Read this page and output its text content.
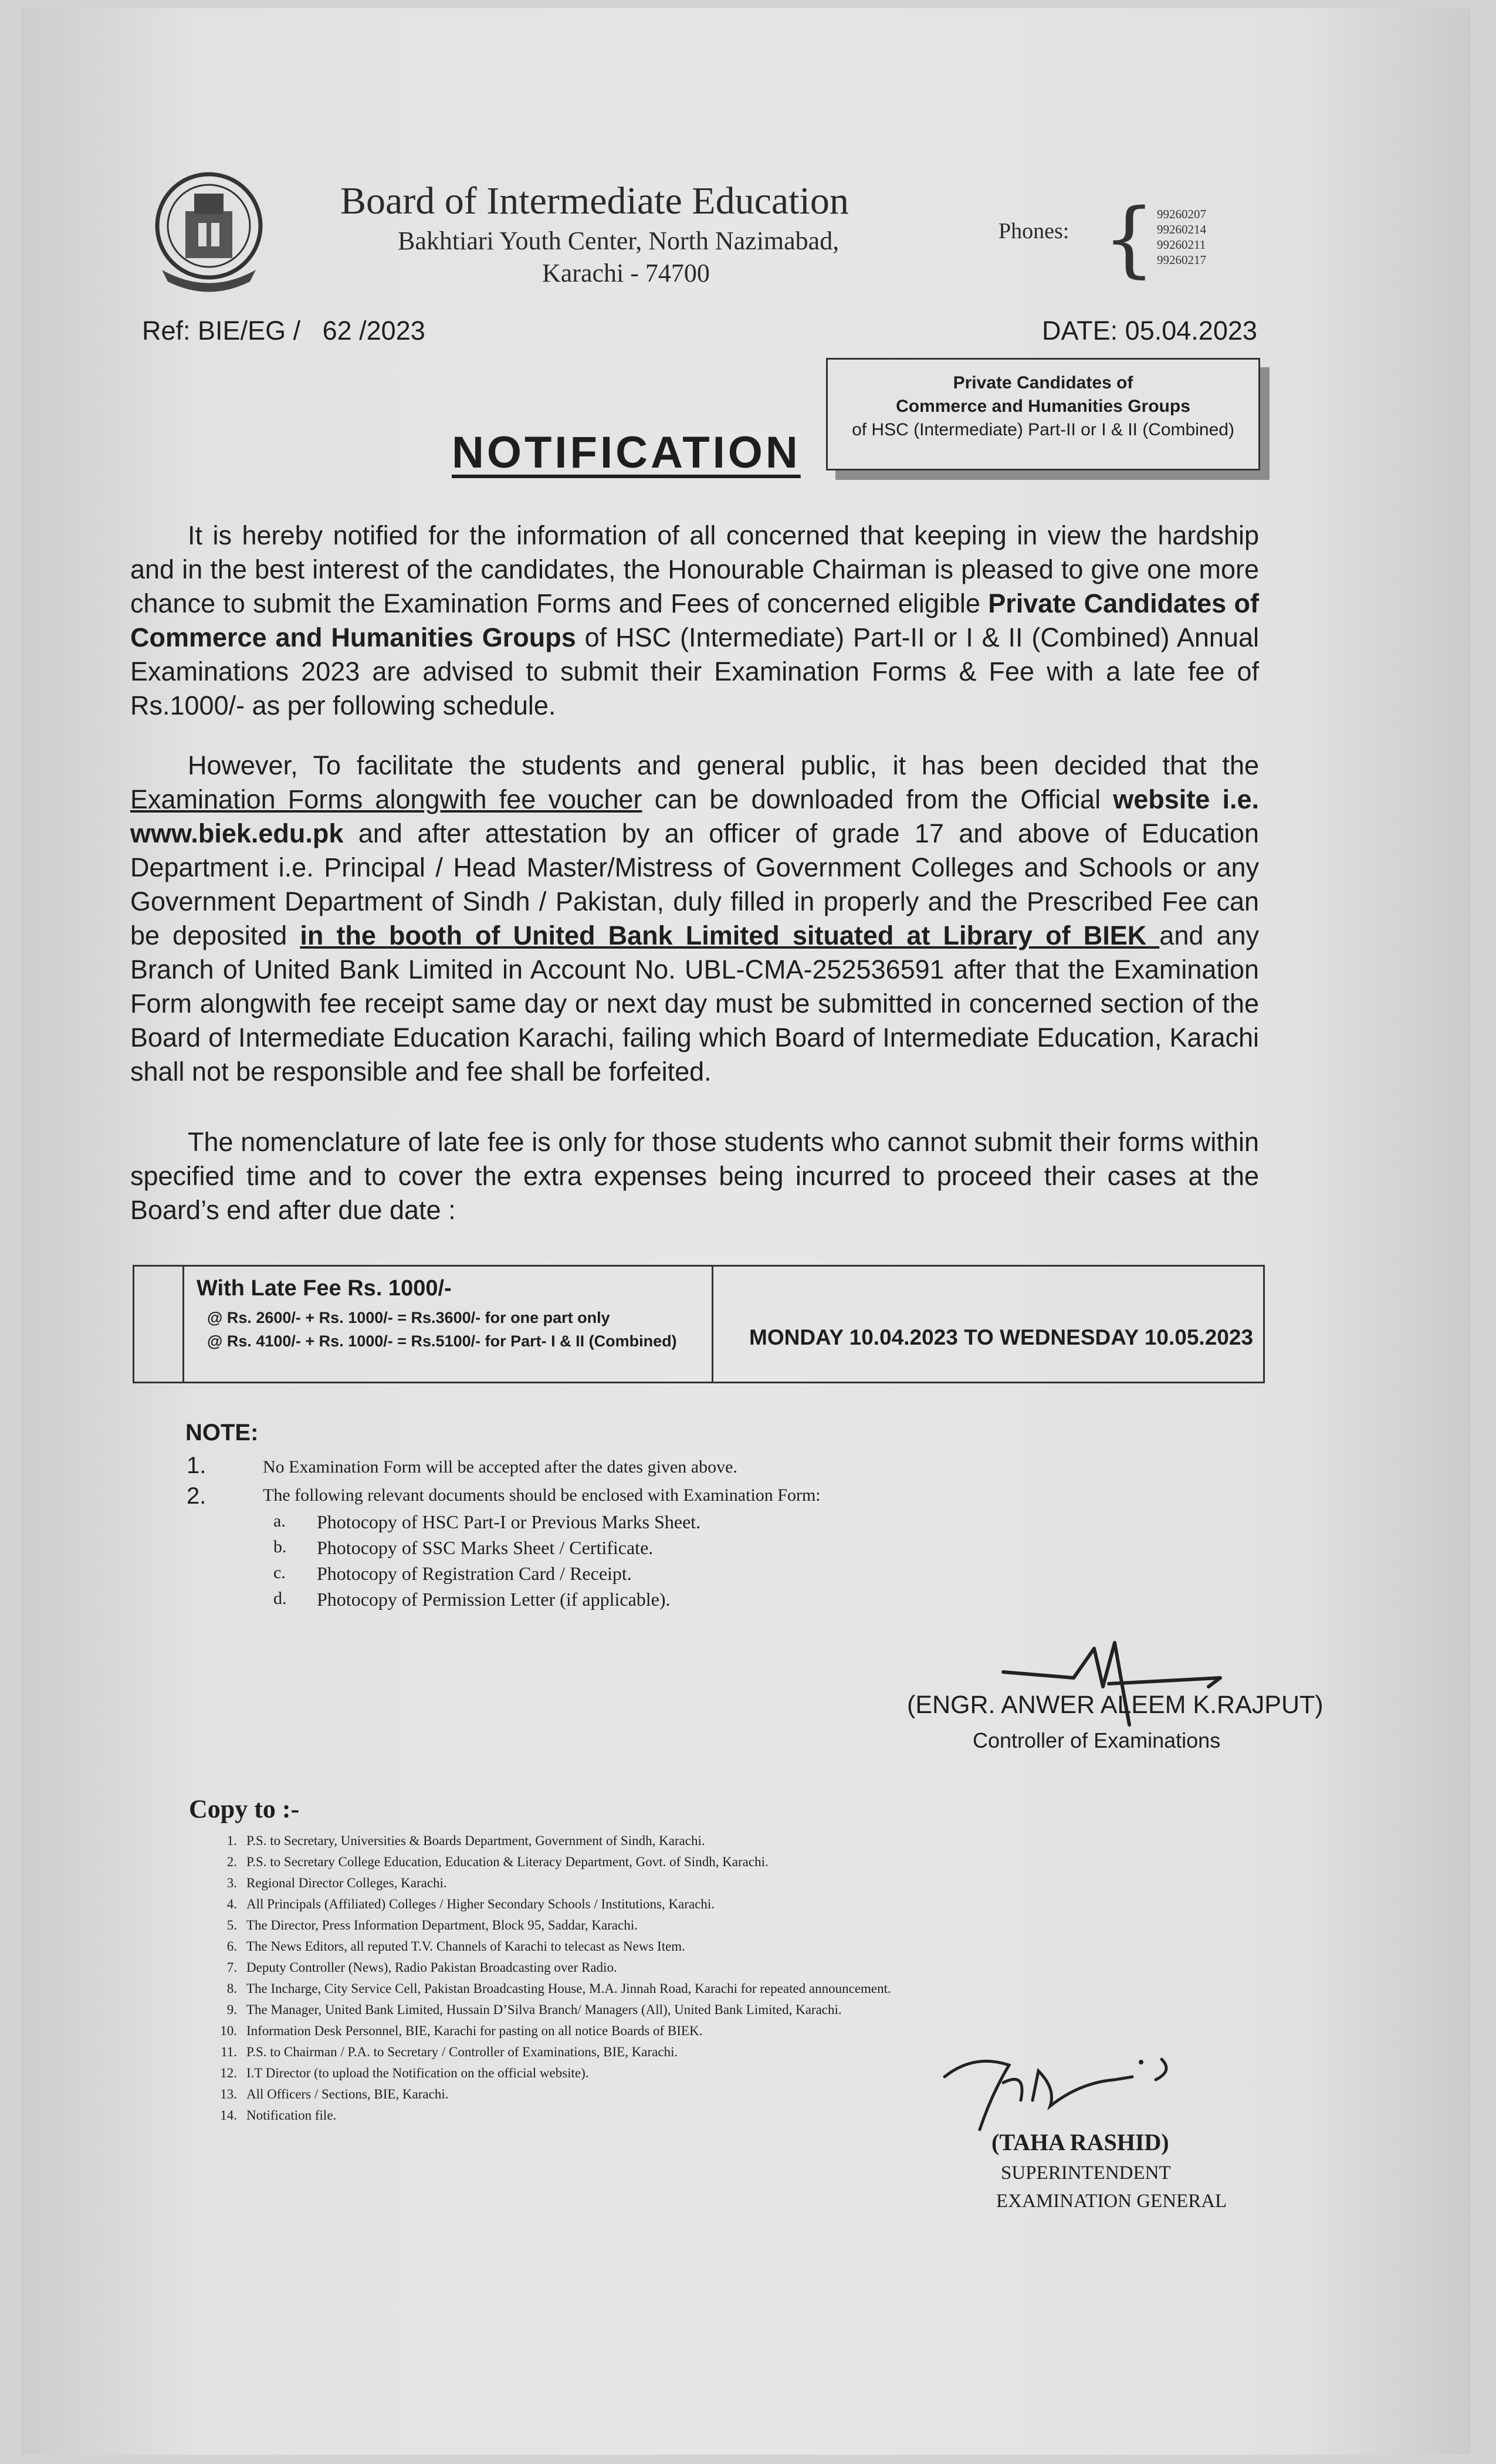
Board of Intermediate Education
Bakhtiari Youth Center, North Nazimabad,
Karachi - 74700
Phones: { 99260207
99260214
99260211
99260217
Ref: BIE/EG /   62 /2023	DATE: 05.04.2023
Private Candidates of
Commerce and Humanities Groups
of HSC (Intermediate) Part-II or I & II (Combined)
NOTIFICATION

It is hereby notified for the information of all concerned that keeping in view the hardship and in the best interest of the candidates, the Honourable Chairman is pleased to give one more chance to submit the Examination Forms and Fees of concerned eligible Private Candidates of Commerce and Humanities Groups of HSC (Intermediate) Part-II or I & II (Combined) Annual Examinations 2023 are advised to submit their Examination Forms & Fee with a late fee of Rs.1000/- as per following schedule.

However, To facilitate the students and general public, it has been decided that the Examination Forms alongwith fee voucher can be downloaded from the Official website i.e. www.biek.edu.pk and after attestation by an officer of grade 17 and above of Education Department i.e. Principal / Head Master/Mistress of Government Colleges and Schools or any Government Department of Sindh / Pakistan, duly filled in properly and the Prescribed Fee can be deposited in the booth of United Bank Limited situated at Library of BIEK and any Branch of United Bank Limited in Account No. UBL-CMA-252536591 after that the Examination Form alongwith fee receipt same day or next day must be submitted in concerned section of the Board of Intermediate Education Karachi, failing which Board of Intermediate Education, Karachi shall not be responsible and fee shall be forfeited.

The nomenclature of late fee is only for those students who cannot submit their forms within specified time and to cover the extra expenses being incurred to proceed their cases at the Board’s end after due date :

With Late Fee Rs. 1000/-
@ Rs. 2600/- + Rs. 1000/- = Rs.3600/- for one part only
@ Rs. 4100/- + Rs. 1000/- = Rs.5100/- for Part- I & II (Combined)	MONDAY 10.04.2023 TO WEDNESDAY 10.05.2023
NOTE:
1.	No Examination Form will be accepted after the dates given above.
2.	The following relevant documents should be enclosed with Examination Form:
a. Photocopy of HSC Part-I or Previous Marks Sheet.
b. Photocopy of SSC Marks Sheet / Certificate.
c. Photocopy of Registration Card / Receipt.
d. Photocopy of Permission Letter (if applicable).
(ENGR. ANWER ALEEM K.RAJPUT)
Controller of Examinations
Copy to :-
1. P.S. to Secretary, Universities & Boards Department, Government of Sindh, Karachi.
2. P.S. to Secretary College Education, Education & Literacy Department, Govt. of Sindh, Karachi.
3. Regional Director Colleges, Karachi.
4. All Principals (Affiliated) Colleges / Higher Secondary Schools / Institutions, Karachi.
5. The Director, Press Information Department, Block 95, Saddar, Karachi.
6. The News Editors, all reputed T.V. Channels of Karachi to telecast as News Item.
7. Deputy Controller (News), Radio Pakistan Broadcasting over Radio.
8. The Incharge, City Service Cell, Pakistan Broadcasting House, M.A. Jinnah Road, Karachi for repeated announcement.
9. The Manager, United Bank Limited, Hussain D’Silva Branch/ Managers (All), United Bank Limited, Karachi.
10. Information Desk Personnel, BIE, Karachi for pasting on all notice Boards of BIEK.
11. P.S. to Chairman / P.A. to Secretary / Controller of Examinations, BIE, Karachi.
12. I.T Director (to upload the Notification on the official website).
13. All Officers / Sections, BIE, Karachi.
14. Notification file.
(TAHA RASHID)
SUPERINTENDENT
EXAMINATION GENERAL
